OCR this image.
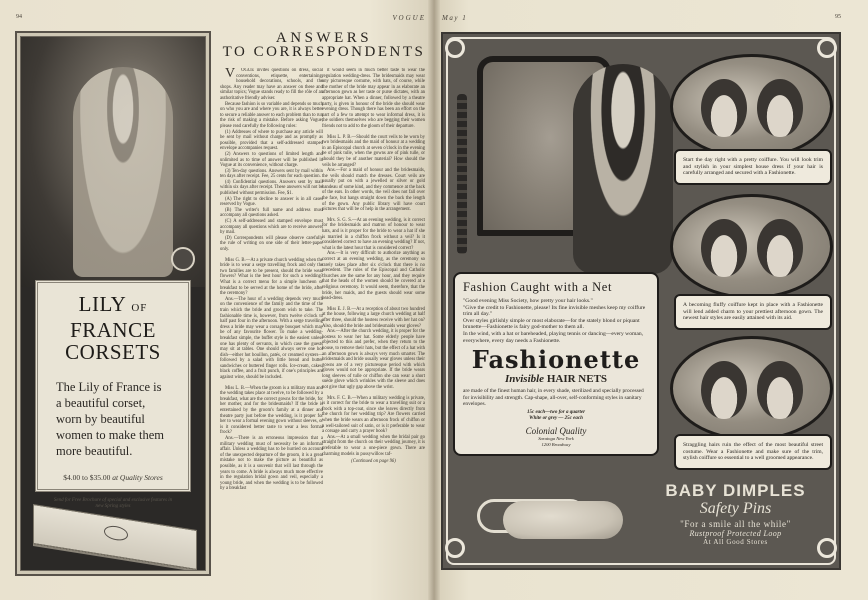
94	VOGUE
LILY OF FRANCE
CORSETS
The Lily of France is a beautiful corset, worn by beautiful women to make them more beautiful.
$4.00 to $35.00 at Quality Stores
Send for Free Brochure of special and exclusive features in new Spring styles
ANSWERS
TO CORRESPONDENTS

V OGUE invites questions on dress, social conventions, etiquette, entertaining, household decorations, schools, and the shops. Any reader may have an answer on these and similar topics; Vogue stands ready to fill the rôle of an authoritative friendly adviser.

Because fashion is so variable and depends so much on who you are and where you are, it is always better to secure a reliable answer to each problem than to run the risk of making a mistake. Before asking Vogue, please read carefully the following rules:

(1) Addresses of where to purchase any article will be sent by mail without charge and as promptly as possible, provided that a self-addressed stamped envelope accompanies request.

(2) Answers to questions of limited length and unlimited as to time of answer will be published in Vogue at its convenience, without charge.

(3) Ten-day questions. Answers sent by mail within ten days after receipt. Fee, 25 cents for each question.

(4) Confidential questions. Answers sent by mail within six days after receipt. These answers will not be published without permission. Fee, $1.

(A) The right to decline to answer is in all cases reserved by Vogue.

(B) The writer's full name and address must accompany all questions asked.

(C) A self-addressed and stamped envelope must accompany all questions which are to receive answers by mail.

(D) Correspondents will please observe carefully the rule of writing on one side of their letter-paper only.

Miss G. B.—At a private church wedding when the bride is to wear a serge travelling frock and only the two families are to be present, should the bride wear flowers? What is the best hour for such a wedding? What is a correct menu for a simple luncheon or breakfast to be served at the home of the bride, after the ceremony?

Ans.—The hour of a wedding depends very much on the convenience of the family and the time of the train which the bride and groom wish to take. The fashionable time is, however, from twelve o'clock to half past four in the afternoon. With a serge travelling dress a bride may wear a corsage bouquet which may be of any favourite flower. To make a wedding-breakfast simple, the buffet style is the easiest unless one has plenty of servants, in which case the guests may sit at tables. One should always serve one hot dish—either hot bouillon, patés, or creamed oysters—followed by a salad with little bread and butter sandwiches or buttered finger rolls. Ice-cream, cakes, black coffee, and a fruit punch, if one's principles are against wine, should be included.

Miss L. B.—When the groom is a military man and the wedding takes place at twelve, to be followed by a breakfast, what are the correct gowns for the bride, for her mother, and for the bridesmaids? If the bride is entertained by the groom's family at a dinner and theatre party just before the wedding, is it proper for her to wear a formal evening gown without sleeves, or is it considered better taste to wear a less formal frock?

Ans.—There is an erroneous impression that a military wedding must of necessity be an informal affair. Unless a wedding has to be hurried on account of the unexpected departure of the groom, it is a great mistake not to make the picture as beautiful as possible, as it is a souvenir that will last through the years to come. A bride is always much more effective in the regulation bridal gown and veil, especially a young bride, and when the wedding is to be followed by a breakfast

it would seem in much better taste to wear the regulation wedding-dress. The bridesmaids may wear any picturesque costume, with hats, of course, while the mother of the bride may appear in as elaborate an afternoon gown as her taste or purse dictates, with an appropriate hat. When a dinner, followed by a theatre party, is given in honour of the bride she should wear evening dress. Though there has been an effort on the part of a few to attempt to wear informal dress, it is the soldiers themselves who are begging their women friends not to add to the gloom of their departure.

Miss L. P. B.—Should the court veils to be worn by two bridesmaids and the maid of honour at a wedding in an Episcopal church at seven o'clock in the evening be of pink tulle, when the gowns are of pink tulle, or should they be of another material? How should the veils be arranged?

Ans.—For a maid of honour and the bridesmaids, the veils should match the dresses. Court veils are usually put on with a jewelled or silver or gold bandeau of some kind, and they commence at the back of the ears. In other words, the veil does not fall over the face, but hangs straight down the back the length of the gown. Any public library will have court pictures that will be of help in the arrangement.

Mrs. S. G. S.—At an evening wedding, is it correct for the bridesmaids and matron of honour to wear hats, and is it proper for the bride to wear a hat if she is married in a chiffon frock without a veil? Is it considered correct to have an evening wedding? If not, what is the latest hour that is considered correct?

Ans.—It is very difficult to authorize anything as correct at an evening wedding, as the ceremony so rarely takes place after six o'clock that there is no precedent. The rules of the Episcopal and Catholic churches are the same for any hour, and they require that the heads of the women should be covered at a religious ceremony. It would seem, therefore, that the bride, her maids, and the guests should wear some head-dress.

Miss E. J. B.—At a reception of about two hundred at the house, following a large church wedding at half after three, should the hostess receive with her hat on? Also, should the bride and bridesmaids wear gloves?

Ans.—After the church wedding, it is proper for the hostess to wear her hat. Some elderly people have objected to this and prefer, when they return to the house, to remove their hats, but the effect of a hat with an afternoon gown is always very much smarter. The bridesmaids and bride usually wear gloves unless their gowns are of a very picturesque period with which gloves would not be appropriate. If the bride wears long sleeves of tulle or chiffon she can wear a short suède glove which wrinkles with the sleeve and does not give that ugly gap above the wrist.

Mrs. F. C. B.—When a military wedding is private, is it correct for the bride to wear a travelling suit or a frock with a top-coat, since she leaves directly from the church for her wedding trip? Are flowers carried when the bride wears an afternoon frock of chiffon or a well-tailored suit of satin, or is it preferable to wear a corsage and carry a prayer book?

Ans.—At a small wedding when the bridal pair go straight from the church on their wedding journey, it is preferable to wear a one-piece gown. There are charming models in pussywillow taf-

(Continued on page 96)

May 1	95
Start the day right with a pretty coiffure. You will look trim and stylish in your simplest house dress if your hair is carefully arranged and secured with a Fashionette.
A becoming fluffy coiffure kept in place with a Fashionette will lend added charm to your prettiest afternoon gown. The newest hair styles are easily attained with its aid.
Straggling hairs ruin the effect of the most beautiful street costume. Wear a Fashionette and make sure of the trim, stylish coiffure so essential to a well groomed appearance.
Fashion Caught with a Net
"Good evening Miss Society, how pretty your hair looks."
"Give the credit to Fashionette, please! Its fine invisible meshes keep my coiffure trim all day."
Over styles girlishly simple or most elaborate—for the stately blond or piquant brunette—Fashionette is fairy god-mother to them all.
In the wind, with a hat or bareheaded, playing tennis or dancing—every woman, everywhere, every day needs a Fashionette.
Fashionette
Invisible HAIR NETS
are made of the finest human hair, in every shade, sterilized and specially processed for invisibility and strength. Cap-shape, all-over, self-conforming styles in sanitary envelopes.
15c each—two for a quarter
White or grey — 25c each
Colonial Quality
Saratoga New York
1200 Broadway
BABY DIMPLES
Safety Pins
"For a smile all the while"
Rustproof Protected Loop
At All Good Stores
